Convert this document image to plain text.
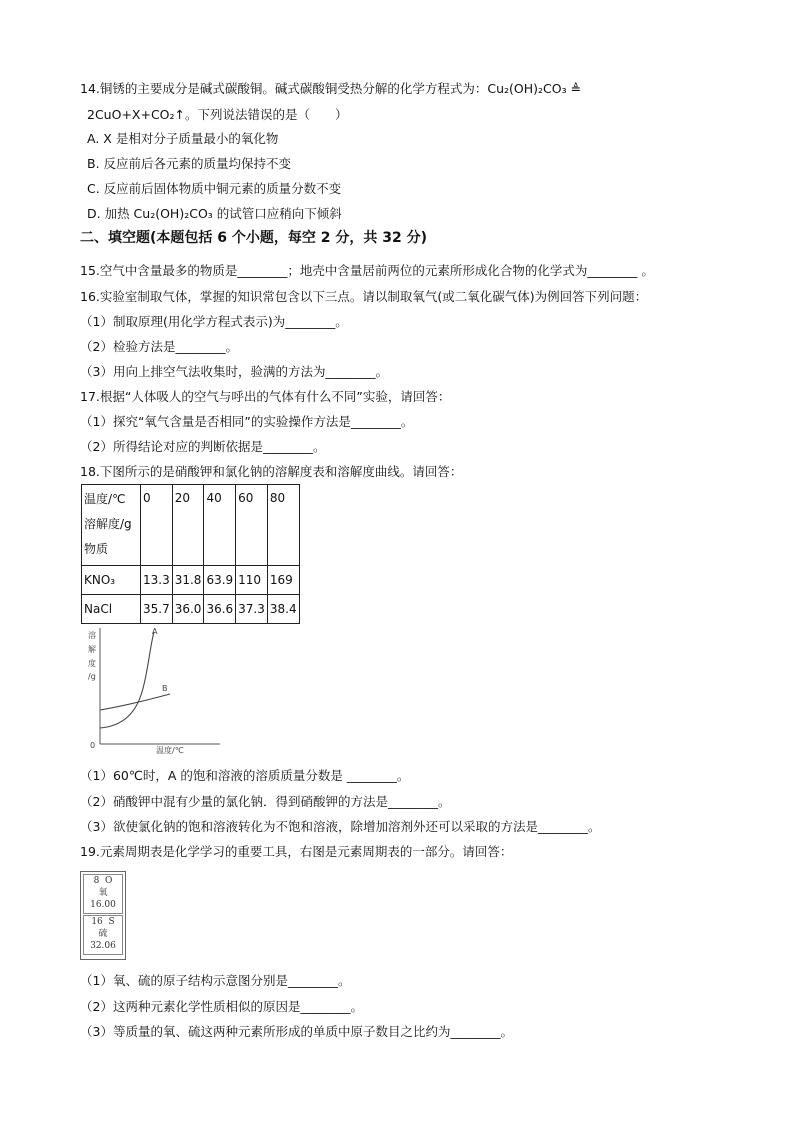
14.铜锈的主要成分是碱式碳酸铜。碱式碳酸铜受热分解的化学方程式为：Cu₂(OH)₂CO₃ ≜
2CuO+X+CO₂↑。下列说法错误的是（　　）
A. X 是相对分子质量最小的氧化物
B. 反应前后各元素的质量均保持不变
C. 反应前后固体物质中铜元素的质量分数不变
D. 加热 Cu₂(OH)₂CO₃ 的试管口应稍向下倾斜
二、填空题(本题包括 6 个小题，每空 2 分，共 32 分)
15.空气中含量最多的物质是________；地壳中含量居前两位的元素所形成化合物的化学式为________ 。
16.实验室制取气体，掌握的知识常包含以下三点。请以制取氧气(或二氧化碳气体)为例回答下列问题：
（1）制取原理(用化学方程式表示)为________。
（2）检验方法是________。
（3）用向上排空气法收集时，验满的方法为________。
17.根据“人体吸人的空气与呼出的气体有什么不同”实验，请回答：
（1）探究“氧气含量是否相同”的实验操作方法是________。
（2）所得结论对应的判断依据是________。
18.下图所示的是硝酸钾和氯化钠的溶解度表和溶解度曲线。请回答：
温度/℃
溶解度/g
物质	0	20	40	60	80
KNO₃	13.3	31.8	63.9	110	169
NaCl	35.7	36.0	36.6	37.3	38.4
溶
解
度
/g
0
温度/℃
A
B
（1）60℃时，A 的饱和溶液的溶质质量分数是 ________。
（2）硝酸钾中混有少量的氯化钠．得到硝酸钾的方法是________。
（3）欲使氯化钠的饱和溶液转化为不饱和溶液，除增加溶剂外还可以采取的方法是________。
19.元素周期表是化学学习的重要工具，右图是元素周期表的一部分。请回答：
8 O
氧
16.00
16 S
硫
32.06
（1）氧、硫的原子结构示意图分别是________。
（2）这两种元素化学性质相似的原因是________。
（3）等质量的氧、硫这两种元素所形成的单质中原子数目之比约为________。
